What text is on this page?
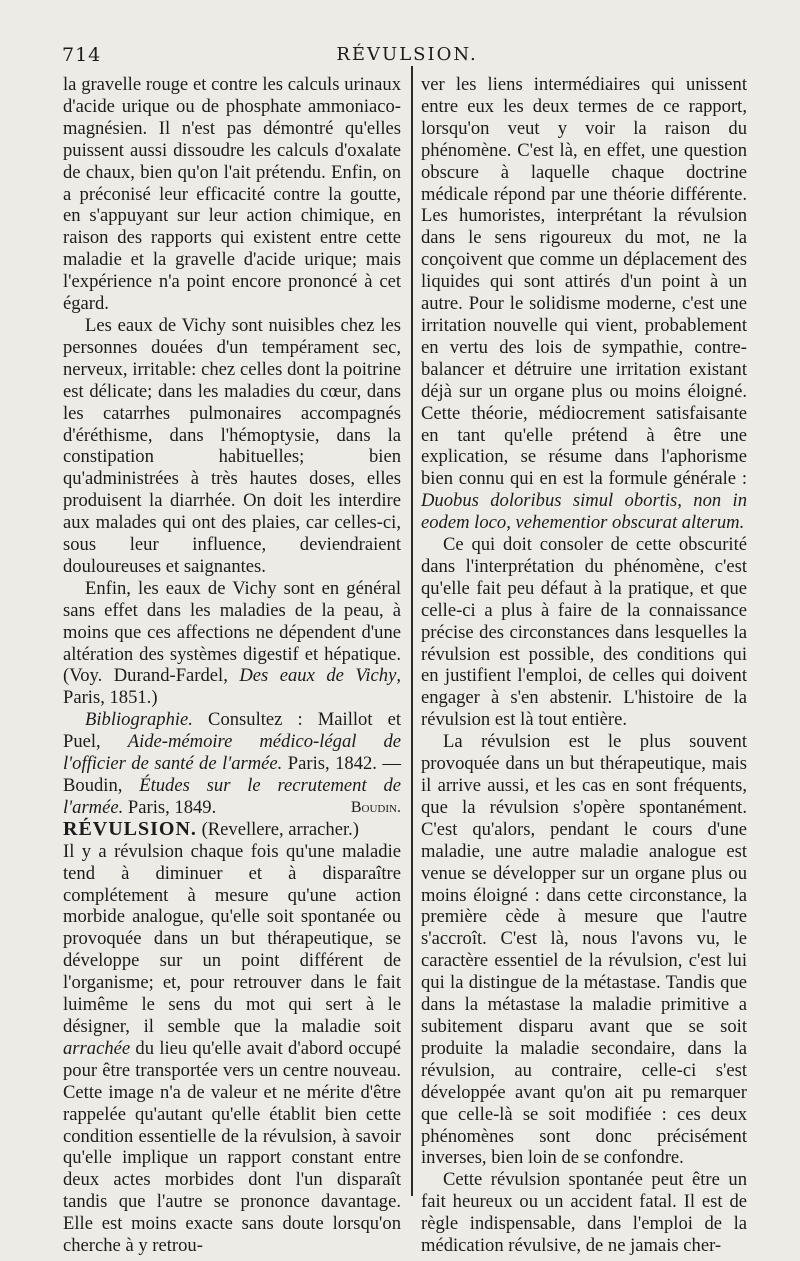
714	RÉVULSION.

la gravelle rouge et contre les calculs urinaux d'acide urique ou de phosphate ammoniaco-magnésien. Il n'est pas démontré qu'elles puissent aussi dissoudre les calculs d'oxalate de chaux, bien qu'on l'ait prétendu. Enfin, on a préconisé leur efficacité contre la goutte, en s'appuyant sur leur action chimique, en raison des rapports qui existent entre cette maladie et la gravelle d'acide urique; mais l'expérience n'a point encore prononcé à cet égard.

Les eaux de Vichy sont nuisibles chez les personnes douées d'un tempérament sec, nerveux, irritable: chez celles dont la poitrine est délicate; dans les maladies du cœur, dans les catarrhes pulmonaires accompagnés d'éréthisme, dans l'hémoptysie, dans la constipation habituelles; bien qu'administrées à très hautes doses, elles produisent la diarrhée. On doit les interdire aux malades qui ont des plaies, car celles-ci, sous leur influence, deviendraient douloureuses et saignantes.

Enfin, les eaux de Vichy sont en général sans effet dans les maladies de la peau, à moins que ces affections ne dépendent d'une altération des systèmes digestif et hépatique. (Voy. Durand-Fardel, Des eaux de Vichy, Paris, 1851.)

Bibliographie. Consultez : Maillot et Puel, Aide-mémoire médico-légal de l'officier de santé de l'armée. Paris, 1842. — Boudin, Études sur le recrutement de l'armée. Paris, 1849.	Boudin.

RÉVULSION. (Revellere, arracher.)

Il y a révulsion chaque fois qu'une maladie tend à diminuer et à disparaître complétement à mesure qu'une action morbide analogue, qu'elle soit spontanée ou provoquée dans un but thérapeutique, se développe sur un point différent de l'organisme; et, pour retrouver dans le fait luimême le sens du mot qui sert à le désigner, il semble que la maladie soit arrachée du lieu qu'elle avait d'abord occupé pour être transportée vers un centre nouveau. Cette image n'a de valeur et ne mérite d'être rappelée qu'autant qu'elle établit bien cette condition essentielle de la révulsion, à savoir qu'elle implique un rapport constant entre deux actes morbides dont l'un disparaît tandis que l'autre se prononce davantage. Elle est moins exacte sans doute lorsqu'on cherche à y retrou-

ver les liens intermédiaires qui unissent entre eux les deux termes de ce rapport, lorsqu'on veut y voir la raison du phénomène. C'est là, en effet, une question obscure à laquelle chaque doctrine médicale répond par une théorie différente. Les humoristes, interprétant la révulsion dans le sens rigoureux du mot, ne la conçoivent que comme un déplacement des liquides qui sont attirés d'un point à un autre. Pour le solidisme moderne, c'est une irritation nouvelle qui vient, probablement en vertu des lois de sympathie, contre-balancer et détruire une irritation existant déjà sur un organe plus ou moins éloigné. Cette théorie, médiocrement satisfaisante en tant qu'elle prétend à être une explication, se résume dans l'aphorisme bien connu qui en est la formule générale : Duobus doloribus simul obortis, non in eodem loco, vehementior obscurat alterum.

Ce qui doit consoler de cette obscurité dans l'interprétation du phénomène, c'est qu'elle fait peu défaut à la pratique, et que celle-ci a plus à faire de la connaissance précise des circonstances dans lesquelles la révulsion est possible, des conditions qui en justifient l'emploi, de celles qui doivent engager à s'en abstenir. L'histoire de la révulsion est là tout entière.

La révulsion est le plus souvent provoquée dans un but thérapeutique, mais il arrive aussi, et les cas en sont fréquents, que la révulsion s'opère spontanément. C'est qu'alors, pendant le cours d'une maladie, une autre maladie analogue est venue se développer sur un organe plus ou moins éloigné : dans cette circonstance, la première cède à mesure que l'autre s'accroît. C'est là, nous l'avons vu, le caractère essentiel de la révulsion, c'est lui qui la distingue de la métastase. Tandis que dans la métastase la maladie primitive a subitement disparu avant que se soit produite la maladie secondaire, dans la révulsion, au contraire, celle-ci s'est développée avant qu'on ait pu remarquer que celle-là se soit modifiée : ces deux phénomènes sont donc précisément inverses, bien loin de se confondre.

Cette révulsion spontanée peut être un fait heureux ou un accident fatal. Il est de règle indispensable, dans l'emploi de la médication révulsive, de ne jamais cher-
